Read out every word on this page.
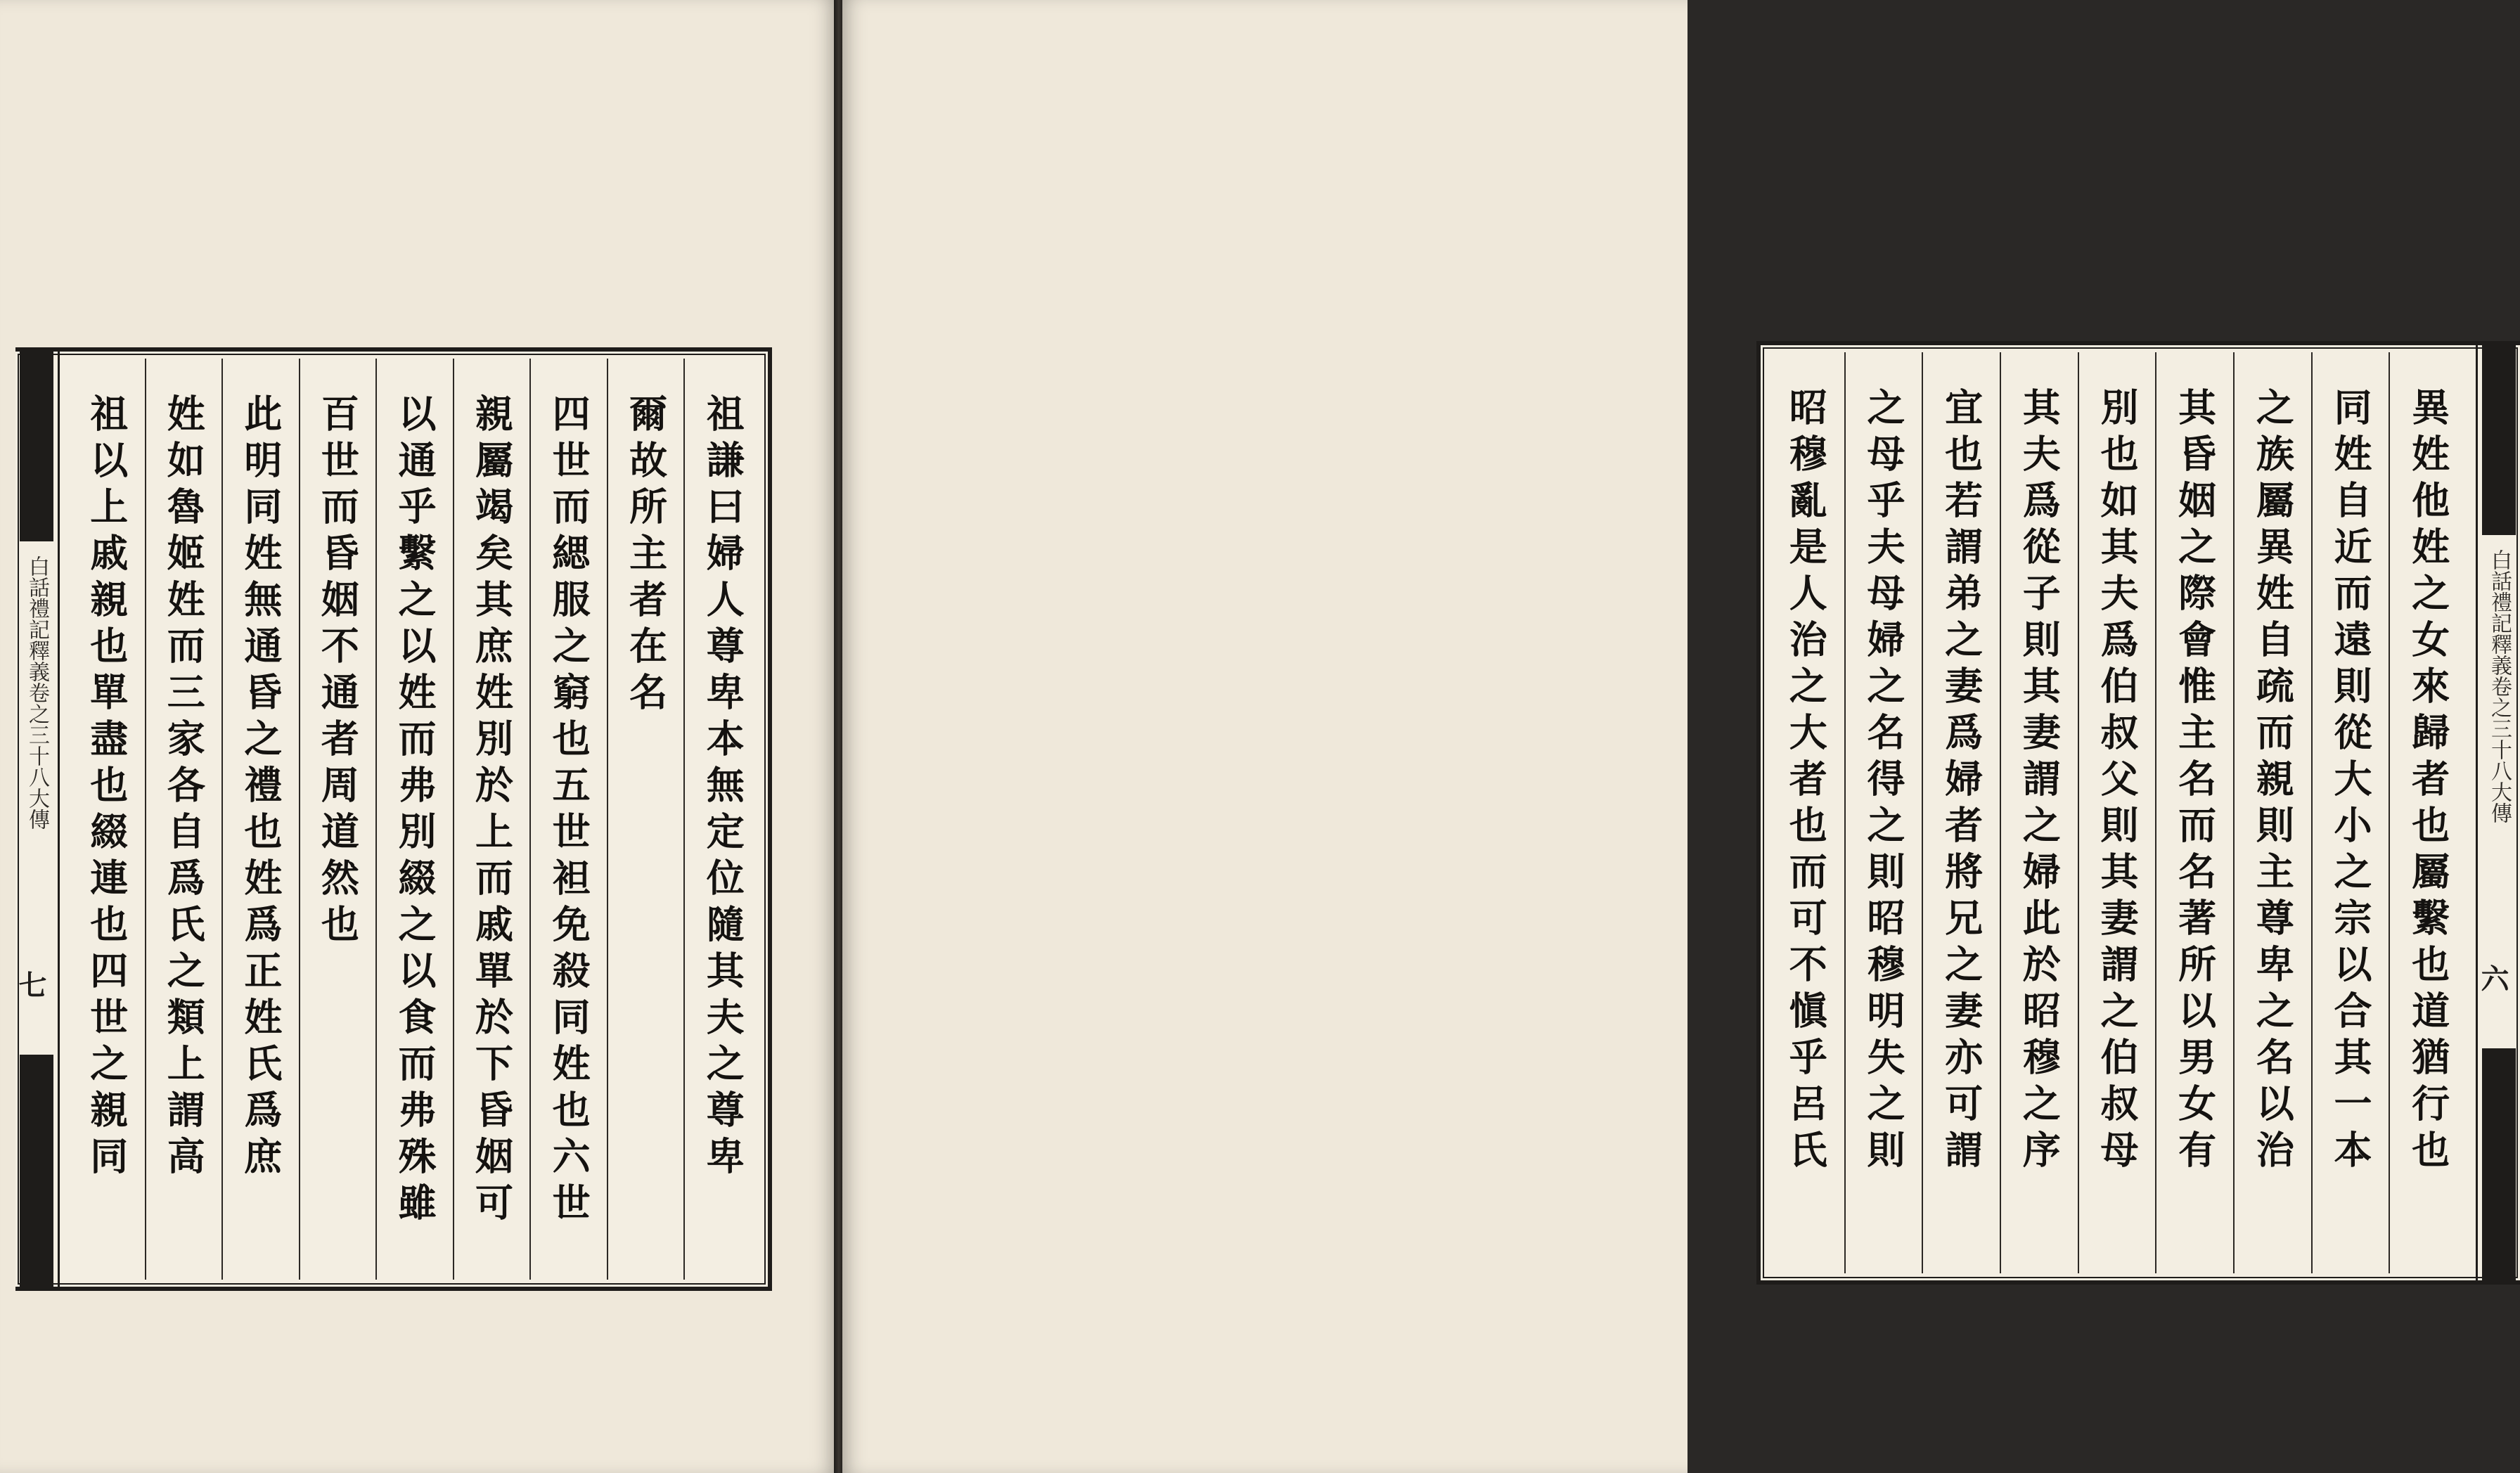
白話禮記釋義卷之三十八大傳
七	祖謙曰婦人尊卑本無定位隨其夫之尊卑
爾故所主者在名
四世而緦服之窮也五世袒免殺同姓也六世
親屬竭矣其庶姓別於上而戚單於下昏姻可
以通乎繫之以姓而弗別綴之以食而弗殊雖
百世而昏姻不通者周道然也
此明同姓無通昏之禮也姓爲正姓氏爲庶
姓如魯姬姓而三家各自爲氏之類上謂高
祖以上戚親也單盡也綴連也四世之親同	異姓他姓之女來歸者也屬繫也道猶行也
同姓自近而遠則從大小之宗以合其一本
之族屬異姓自疏而親則主尊卑之名以治
其昏姻之際會惟主名而名著所以男女有
別也如其夫爲伯叔父則其妻謂之伯叔母
其夫爲從子則其妻謂之婦此於昭穆之序
宜也若謂弟之妻爲婦者將兄之妻亦可謂
之母乎夫母婦之名得之則昭穆明失之則
昭穆亂是人治之大者也而可不愼乎呂氏	白話禮記釋義卷之三十八大傳
六
